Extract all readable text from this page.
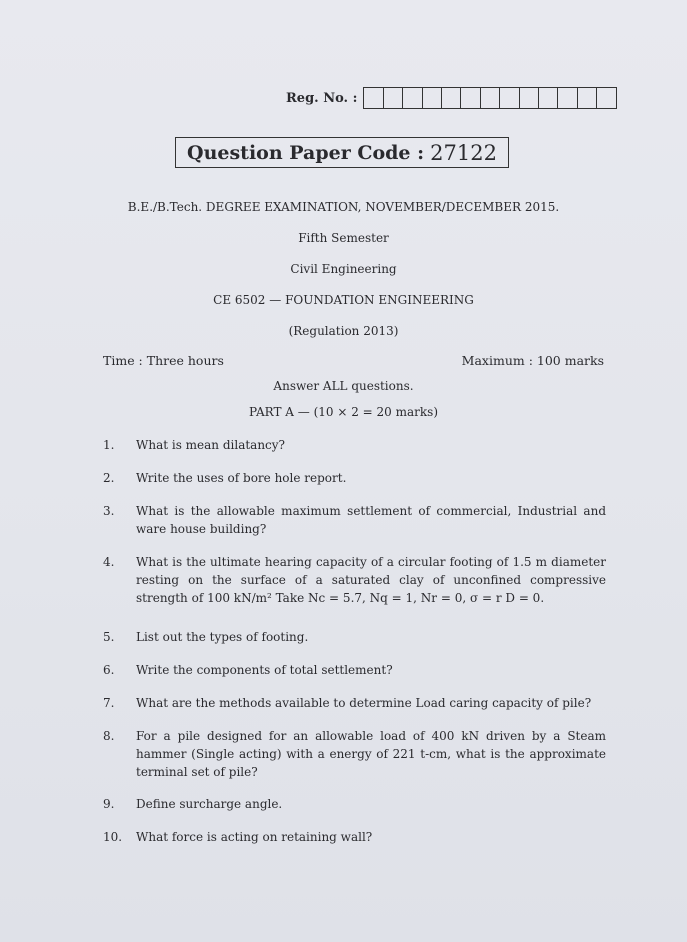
Reg. No. :
Question Paper Code : 27122
B.E./B.Tech. DEGREE EXAMINATION, NOVEMBER/DECEMBER 2015.
Fifth Semester
Civil Engineering
CE 6502 — FOUNDATION ENGINEERING
(Regulation 2013)
Time : Three hours	Maximum : 100 marks
Answer ALL questions.
PART A — (10 × 2 = 20 marks)
1.	What is mean dilatancy?
2.	Write the uses of bore hole report.
3.	What is the allowable maximum settlement of commercial, Industrial and ware house building?
4.	What is the ultimate hearing capacity of a circular footing of 1.5 m diameter resting on the surface of a saturated clay of unconfined compressive strength of 100 kN/m² Take Nc = 5.7, Nq = 1, Nr = 0, σ = r D = 0.
5.	List out the types of footing.
6.	Write the components of total settlement?
7.	What are the methods available to determine Load caring capacity of pile?
8.	For a pile designed for an allowable load of 400 kN driven by a Steam hammer (Single acting) with a energy of 221 t-cm, what is the approximate terminal set of pile?
9.	Define surcharge angle.
10. What force is acting on retaining wall?
